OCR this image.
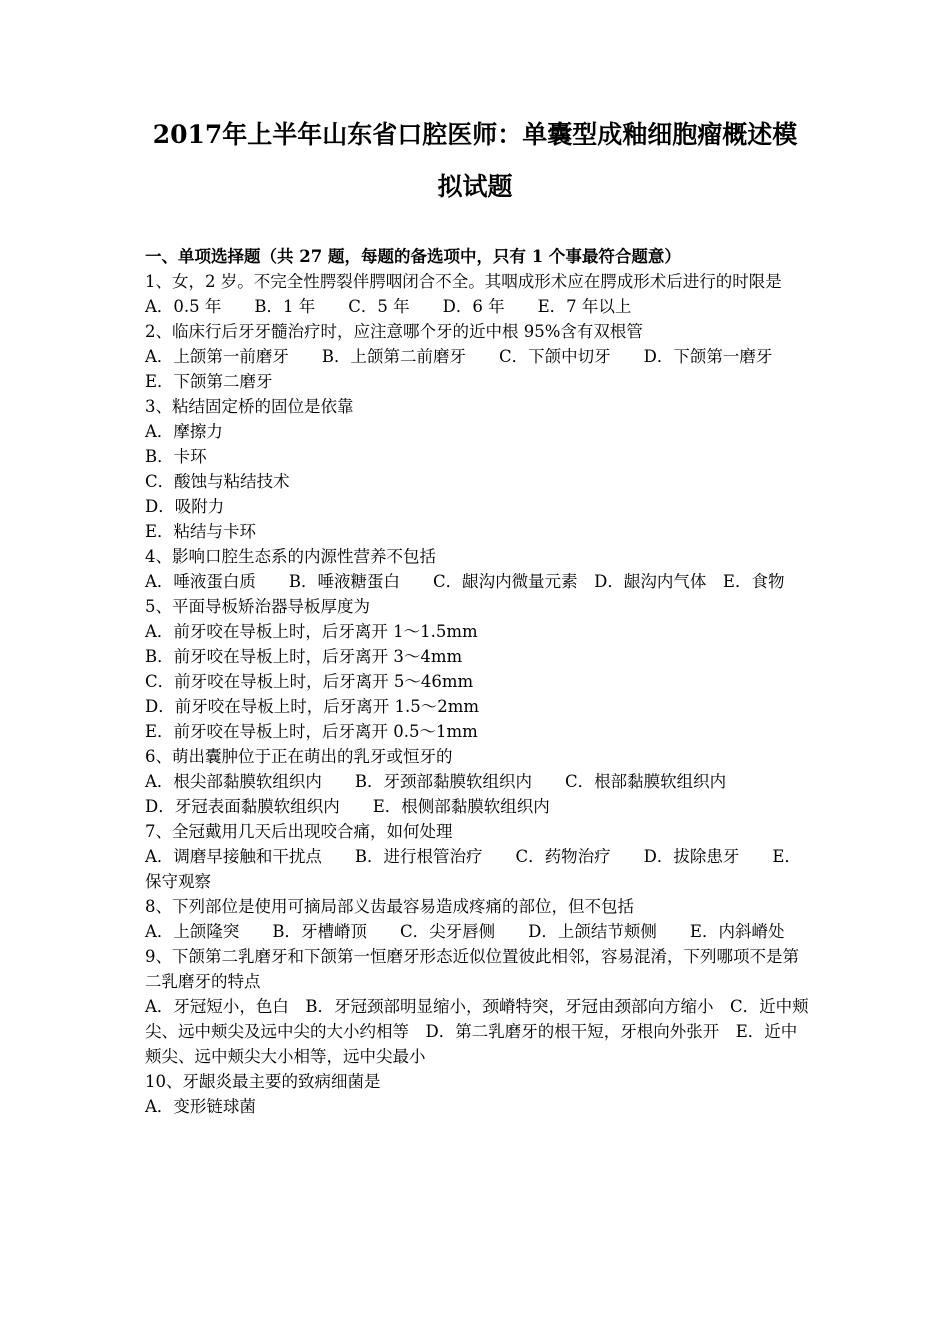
2017年上半年山东省口腔医师：单囊型成釉细胞瘤概述模
拟试题

一、单项选择题（共 27 题，每题的备选项中，只有 1 个事最符合题意）

1、女，2 岁。不完全性腭裂伴腭咽闭合不全。其咽成形术应在腭成形术后进行的时限是

A．0.5 年　　B．1 年　　C．5 年　　D．6 年　　E．7 年以上

2、临床行后牙牙髓治疗时，应注意哪个牙的近中根 95%含有双根管

A．上颌第一前磨牙　　B．上颌第二前磨牙　　C．下颌中切牙　　D．下颌第一磨牙　　E．下颌第二磨牙

3、粘结固定桥的固位是依靠

A．摩擦力

B．卡环

C．酸蚀与粘结技术

D．吸附力

E．粘结与卡环

4、影响口腔生态系的内源性营养不包括

A．唾液蛋白质　　B．唾液糖蛋白　　C．龈沟内微量元素　D．龈沟内气体　E．食物

5、平面导板矫治器导板厚度为

A．前牙咬在导板上时，后牙离开 1～1.5mm

B．前牙咬在导板上时，后牙离开 3～4mm

C．前牙咬在导板上时，后牙离开 5～46mm

D．前牙咬在导板上时，后牙离开 1.5～2mm

E．前牙咬在导板上时，后牙离开 0.5～1mm

6、萌出囊肿位于正在萌出的乳牙或恒牙的

A．根尖部黏膜软组织内　　B．牙颈部黏膜软组织内　　C．根部黏膜软组织内

D．牙冠表面黏膜软组织内　　E．根侧部黏膜软组织内

7、全冠戴用几天后出现咬合痛，如何处理

A．调磨早接触和干扰点　　B．进行根管治疗　　C．药物治疗　　D．拔除患牙　　E．保守观察

8、下列部位是使用可摘局部义齿最容易造成疼痛的部位，但不包括

A．上颌隆突　　B．牙槽嵴顶　　C．尖牙唇侧　　D．上颌结节颊侧　　E．内斜嵴处

9、下颌第二乳磨牙和下颌第一恒磨牙形态近似位置彼此相邻，容易混淆，下列哪项不是第二乳磨牙的特点

A．牙冠短小，色白　B．牙冠颈部明显缩小，颈嵴特突，牙冠由颈部向方缩小　C．近中颊尖、远中颊尖及远中尖的大小约相等　D．第二乳磨牙的根干短，牙根向外张开　E．近中颊尖、远中颊尖大小相等，远中尖最小

10、牙龈炎最主要的致病细菌是

A．变形链球菌
